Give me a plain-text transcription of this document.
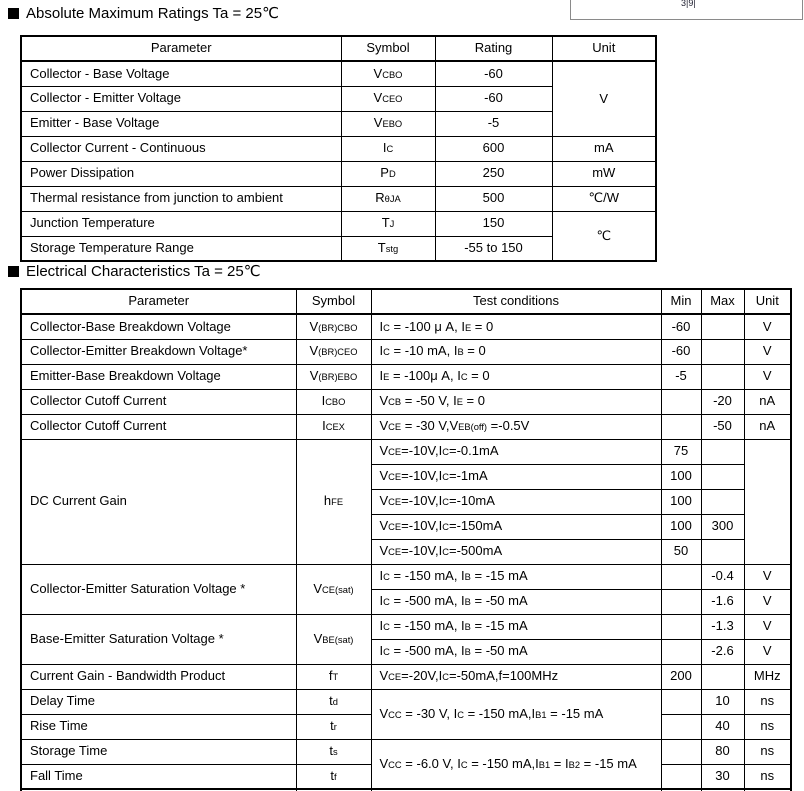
3|9|
Absolute Maximum Ratings Ta = 25℃
Parameter	Symbol	Rating	Unit
Collector - Base Voltage	VCBO	-60	V
Collector - Emitter Voltage	VCEO	-60	
Emitter - Base Voltage	VEBO	-5	
Collector Current - Continuous	IC	600	mA
Power Dissipation	PD	250	mW
Thermal resistance from junction to ambient	RθJA	500	℃/W
Junction Temperature	TJ	150	℃
Storage Temperature Range	Tstg	-55 to 150	
Electrical Characteristics Ta = 25℃
Parameter	Symbol	Test conditions	Min	Max	Unit
Collector-Base Breakdown Voltage	V(BR)CBO	IC = -100 μ A, IE = 0	-60		V
Collector-Emitter Breakdown Voltage*	V(BR)CEO	IC = -10 mA, IB = 0	-60		V
Emitter-Base Breakdown Voltage	V(BR)EBO	IE = -100μ A, IC = 0	-5		V
Collector Cutoff Current	ICBO	VCB = -50 V, IE = 0		-20	nA
Collector Cutoff Current	ICEX	VCE = -30 V,VEB(off) =-0.5V		-50	nA
DC Current Gain	hFE	VCE=-10V,IC=-0.1mA	75		
		VCE=-10V,IC=-1mA	100		
		VCE=-10V,IC=-10mA	100		
		VCE=-10V,IC=-150mA	100	300	
		VCE=-10V,IC=-500mA	50		
Collector-Emitter Saturation Voltage *	VCE(sat)	IC = -150 mA, IB = -15 mA		-0.4	V
		IC = -500 mA, IB = -50 mA		-1.6	V
Base-Emitter Saturation Voltage *	VBE(sat)	IC = -150 mA, IB = -15 mA		-1.3	V
		IC = -500 mA, IB = -50 mA		-2.6	V
Current Gain - Bandwidth Product	fT	VCE=-20V,IC=-50mA,f=100MHz	200		MHz
Delay Time	td	VCC = -30 V, IC = -150 mA,IB1 = -15 mA		10	ns
Rise Time	tr			40	ns
Storage Time	ts	VCC = -6.0 V, IC = -150 mA,IB1 = IB2 = -15 mA		80	ns
Fall Time	tf			30	ns
